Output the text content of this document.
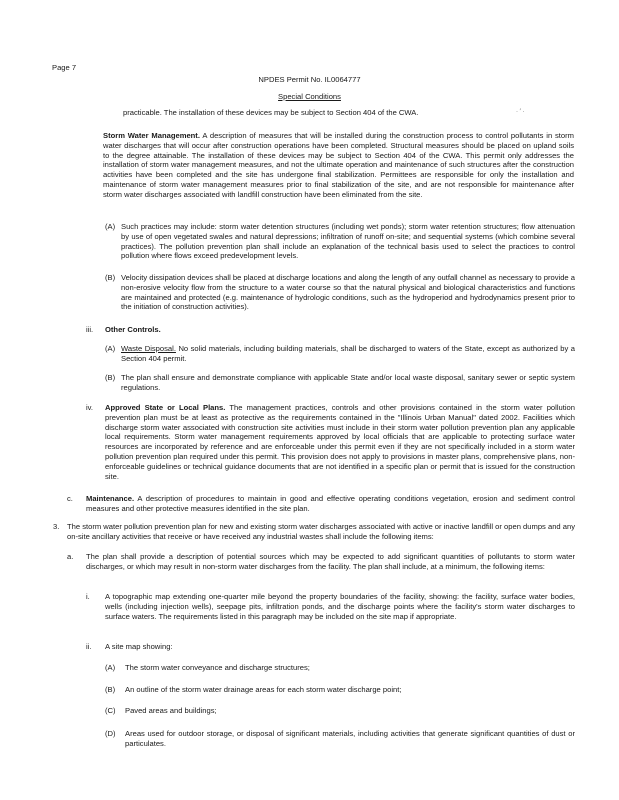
Page 7
NPDES Permit No. IL0064777
Special Conditions
· ′ ·

practicable. The installation of these devices may be subject to Section 404 of the CWA.

Storm Water Management. A description of measures that will be installed during the construction process to control pollutants in storm water discharges that will occur after construction operations have been completed. Structural measures should be placed on upland soils to the degree attainable. The installation of these devices may be subject to Section 404 of the CWA. This permit only addresses the installation of storm water management measures, and not the ultimate operation and maintenance of such structures after the construction activities have been completed and the site has undergone final stabilization. Permittees are responsible for only the installation and maintenance of storm water management measures prior to final stabilization of the site, and are not responsible for maintenance after storm water discharges associated with landfill construction have been eliminated from the site.

(A) Such practices may include: storm water detention structures (including wet ponds); storm water retention structures; flow attenuation by use of open vegetated swales and natural depressions; infiltration of runoff on-site; and sequential systems (which combine several practices). The pollution prevention plan shall include an explanation of the technical basis used to select the practices to control pollution where flows exceed predevelopment levels.

(B) Velocity dissipation devices shall be placed at discharge locations and along the length of any outfall channel as necessary to provide a non-erosive velocity flow from the structure to a water course so that the natural physical and biological characteristics and functions are maintained and protected (e.g. maintenance of hydrologic conditions, such as the hydroperiod and hydrodynamics present prior to the initiation of construction activities).

iii. Other Controls.
(A) Waste Disposal. No solid materials, including building materials, shall be discharged to waters of the State, except as authorized by a Section 404 permit.

(B) The plan shall ensure and demonstrate compliance with applicable State and/or local waste disposal, sanitary sewer or septic system regulations.

iv. Approved State or Local Plans. The management practices, controls and other provisions contained in the storm water pollution prevention plan must be at least as protective as the requirements contained in the "Illinois Urban Manual" dated 2002. Facilities which discharge storm water associated with construction site activities must include in their storm water pollution prevention plan any applicable local requirements. Storm water management requirements approved by local officials that are applicable to protecting surface water resources are incorporated by reference and are enforceable under this permit even if they are not specifically included in a storm water pollution prevention plan required under this permit. This provision does not apply to provisions in master plans, comprehensive plans, non-enforceable guidelines or technical guidance documents that are not identified in a specific plan or permit that is issued for the construction site.

c. Maintenance. A description of procedures to maintain in good and effective operating conditions vegetation, erosion and sediment control measures and other protective measures identified in the site plan.

3. The storm water pollution prevention plan for new and existing storm water discharges associated with active or inactive landfill or open dumps and any on-site ancillary activities that receive or have received any industrial wastes shall include the following items:

a. The plan shall provide a description of potential sources which may be expected to add significant quantities of pollutants to storm water discharges, or which may result in non-storm water discharges from the facility. The plan shall include, at a minimum, the following items:

i. A topographic map extending one-quarter mile beyond the property boundaries of the facility, showing: the facility, surface water bodies, wells (including injection wells), seepage pits, infiltration ponds, and the discharge points where the facility's storm water discharges to surface waters. The requirements listed in this paragraph may be included on the site map if appropriate.

ii. A site map showing:

(A) The storm water conveyance and discharge structures;

(B) An outline of the storm water drainage areas for each storm water discharge point;

(C) Paved areas and buildings;

(D) Areas used for outdoor storage, or disposal of significant materials, including activities that generate significant quantities of dust or particulates.
